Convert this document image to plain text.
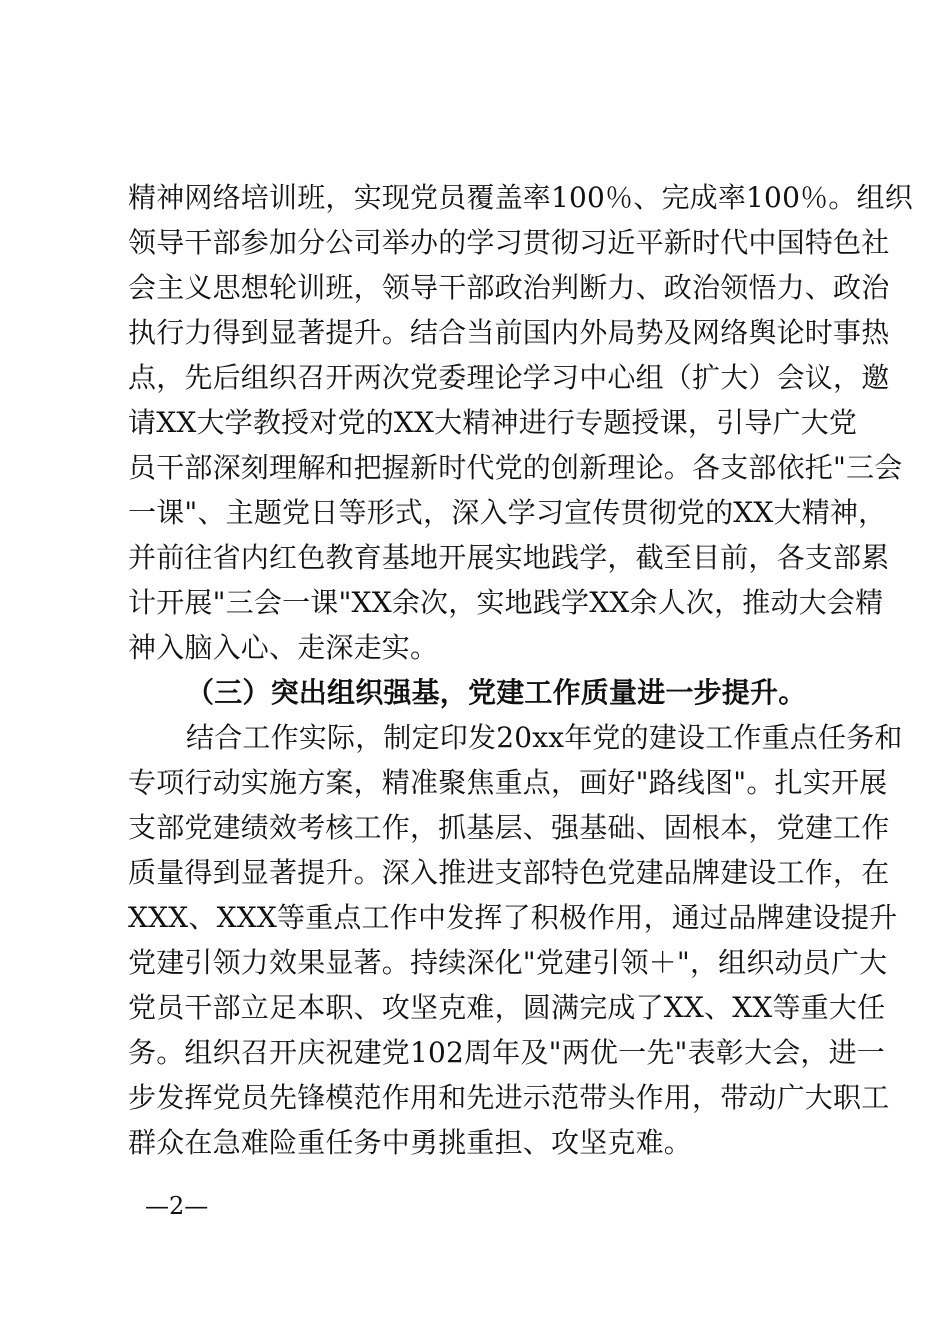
精神网络培训班，实现党员覆盖率100％、完成率100％。组织
领导干部参加分公司举办的学习贯彻习近平新时代中国特色社
会主义思想轮训班，领导干部政治判断力、政治领悟力、政治
执行力得到显著提升。结合当前国内外局势及网络舆论时事热
点，先后组织召开两次党委理论学习中心组（扩大）会议，邀
请XX大学教授对党的XX大精神进行专题授课，引导广大党
员干部深刻理解和把握新时代党的创新理论。各支部依托"三会
一课"、主题党日等形式，深入学习宣传贯彻党的XX大精神，
并前往省内红色教育基地开展实地践学，截至目前，各支部累
计开展"三会一课"XX余次，实地践学XX余人次，推动大会精
神入脑入心、走深走实。
（三）突出组织强基，党建工作质量进一步提升。
结合工作实际，制定印发20xx年党的建设工作重点任务和
专项行动实施方案，精准聚焦重点，画好"路线图"。扎实开展
支部党建绩效考核工作，抓基层、强基础、固根本，党建工作
质量得到显著提升。深入推进支部特色党建品牌建设工作，在
XXX、XXX等重点工作中发挥了积极作用，通过品牌建设提升
党建引领力效果显著。持续深化"党建引领＋"，组织动员广大
党员干部立足本职、攻坚克难，圆满完成了XX、XX等重大任
务。组织召开庆祝建党102周年及"两优一先"表彰大会，进一
步发挥党员先锋模范作用和先进示范带头作用，带动广大职工
群众在急难险重任务中勇挑重担、攻坚克难。
—2—
